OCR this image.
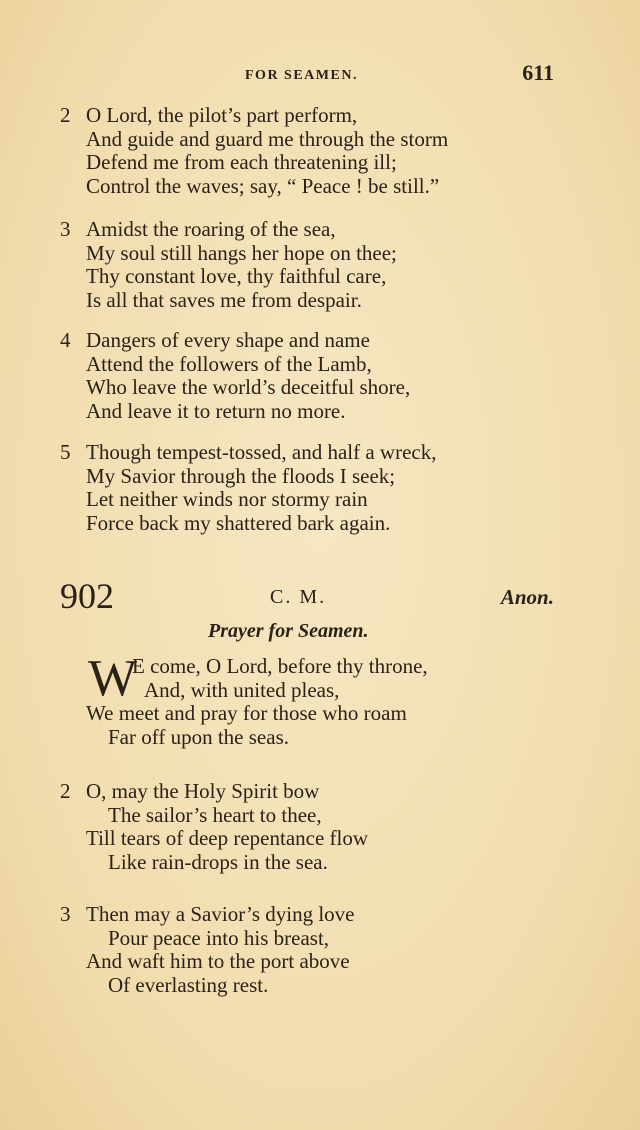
FOR SEAMEN.	611
2 O Lord, the pilot’s part perform,
And guide and guard me through the storm
Defend me from each threatening ill;
Control the waves; say, “ Peace ! be still.”
3 Amidst the roaring of the sea,
My soul still hangs her hope on thee;
Thy constant love, thy faithful care,
Is all that saves me from despair.
4 Dangers of every shape and name
Attend the followers of the Lamb,
Who leave the world’s deceitful shore,
And leave it to return no more.
5 Though tempest-tossed, and half a wreck,
My Savior through the floods I seek;
Let neither winds nor stormy rain
Force back my shattered bark again.
902	C. M.	Anon.
Prayer for Seamen.
W
E come, O Lord, before thy throne,
And, with united pleas,
We meet and pray for those who roam
Far off upon the seas.
2 O, may the Holy Spirit bow
The sailor’s heart to thee,
Till tears of deep repentance flow
Like rain-drops in the sea.
3 Then may a Savior’s dying love
Pour peace into his breast,
And waft him to the port above
Of everlasting rest.
